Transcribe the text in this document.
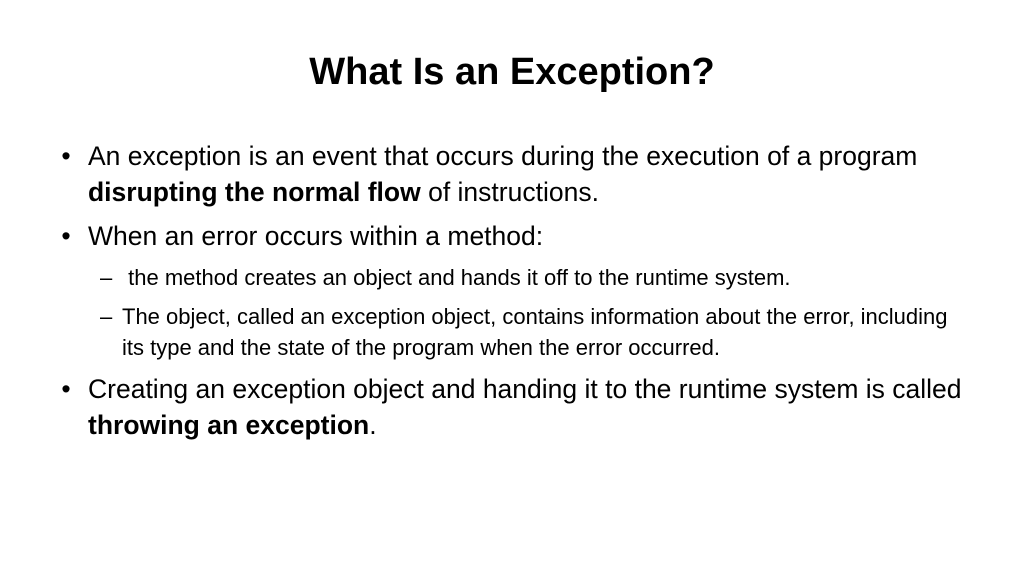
What Is an Exception?
• An exception is an event that occurs during the execution of a program disrupting the normal flow of instructions.
• When an error occurs within a method:
– the method creates an object and hands it off to the runtime system.
– The object, called an exception object, contains information about the error, including its type and the state of the program when the error occurred.
• Creating an exception object and handing it to the runtime system is called throwing an exception.
